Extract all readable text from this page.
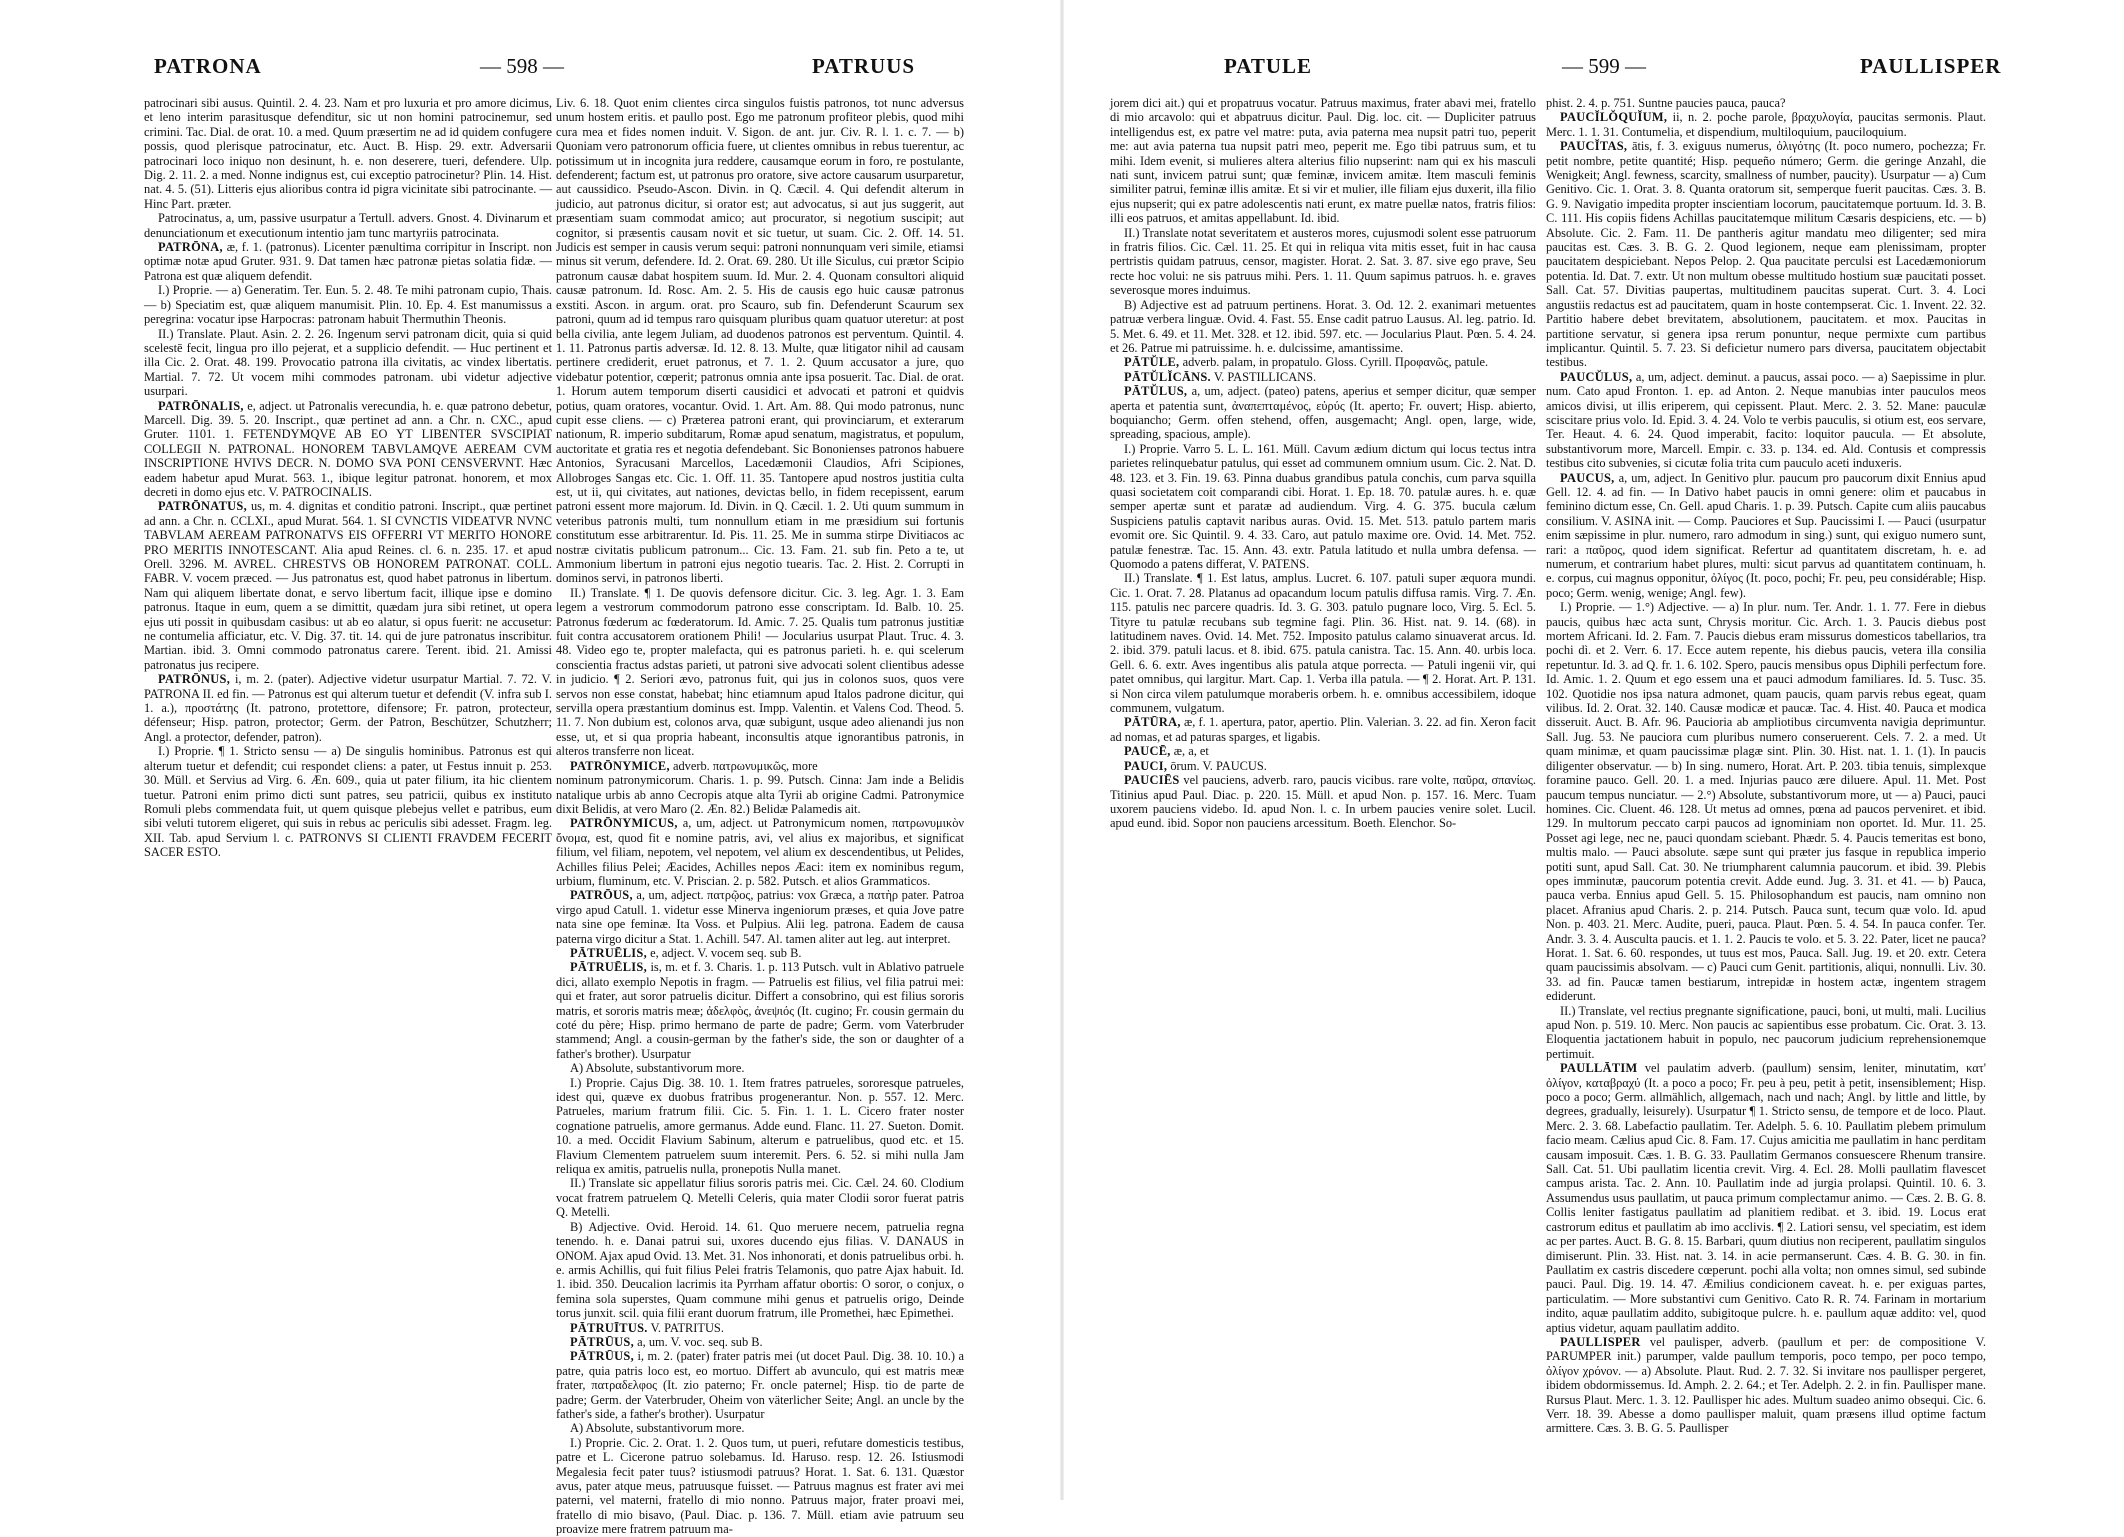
PATRONA	— 598 —	PATRUUS

patrocinari sibi ausus. Quintil. 2. 4. 23. Nam et pro luxuria et pro amore dicimus, et leno interim parasitusque defenditur, sic ut non homini patrocinemur, sed crimini. Tac. Dial. de orat. 10. a med. Quum præsertim ne ad id quidem confugere possis, quod plerisque patrocinatur, etc. Auct. B. Hisp. 29. extr. Adversarii patrocinari loco iniquo non desinunt, h. e. non deserere, tueri, defendere. Ulp. Dig. 2. 11. 2. a med. Nonne indignus est, cui exceptio patrocinetur? Plin. 14. Hist. nat. 4. 5. (51). Litteris ejus alioribus contra id pigra vicinitate sibi patrocinante. — Hinc Part. præter.

Patrocinatus, a, um, passive usurpatur a Tertull. advers. Gnost. 4. Divinarum et denunciationum et executionum intentio jam tunc martyriis patrocinata.

PATRŌNA, æ, f. 1. (patronus). Licenter pænultima corripitur in Inscript. non optimæ notæ apud Gruter. 931. 9. Dat tamen hæc patronæ pietas solatia fidæ. — Patrona est quæ aliquem defendit.

I.) Proprie. — a) Generatim. Ter. Eun. 5. 2. 48. Te mihi patronam cupio, Thais. — b) Speciatim est, quæ aliquem manumisit. Plin. 10. Ep. 4. Est manumissus a peregrina: vocatur ipse Harpocras: patronam habuit Thermuthin Theonis.

II.) Translate. Plaut. Asin. 2. 2. 26. Ingenum servi patronam dicit, quia si quid scelestē fecit, lingua pro illo pejerat, et a supplicio defendit. — Huc pertinent et illa Cic. 2. Orat. 48. 199. Provocatio patrona illa civitatis, ac vindex libertatis. Martial. 7. 72. Ut vocem mihi commodes patronam. ubi videtur adjective usurpari.

PATRŌNALIS, e, adject. ut Patronalis verecundia, h. e. quæ patrono debetur, Marcell. Dig. 39. 5. 20. Inscript., quæ pertinet ad ann. a Chr. n. CXC., apud Gruter. 1101. 1. FETENDYMQVE AB EO YT LIBENTER SVSCIPIAT COLLEGII N. PATRONAL. HONOREM TABVLAMQVE AEREAM CVM INSCRIPTIONE HVIVS DECR. N. DOMO SVA PONI CENSVERVNT. Hæc eadem habetur apud Murat. 563. 1., ibique legitur patronat. honorem, et mox decreti in domo ejus etc. V. PATROCINALIS.

PATRŌNATUS, us, m. 4. dignitas et conditio patroni. Inscript., quæ pertinet ad ann. a Chr. n. CCLXI., apud Murat. 564. 1. SI CVNCTIS VIDEATVR NVNC TABVLAM AEREAM PATRONATVS EIS OFFERRI VT MERITO HONORE PRO MERITIS INNOTESCANT. Alia apud Reines. cl. 6. n. 235. 17. et apud Orell. 3296. M. AVREL. CHRESTVS OB HONOREM PATRONAT. COLL. FABR. V. vocem præced. — Jus patronatus est, quod habet patronus in libertum. Nam qui aliquem libertate donat, e servo libertum facit, illique ipse e domino patronus. Itaque in eum, quem a se dimittit, quædam jura sibi retinet, ut opera ejus uti possit in quibusdam casibus: ut ab eo alatur, si opus fuerit: ne accusetur: ne contumelia afficiatur, etc. V. Dig. 37. tit. 14. qui de jure patronatus inscribitur. Martian. ibid. 3. Omni commodo patronatus carere. Terent. ibid. 21. Amissi patronatus jus recipere.

PATRŌNUS, i, m. 2. (pater). Adjective videtur usurpatur Martial. 7. 72. V. PATRONA II. ed fin. — Patronus est qui alterum tuetur et defendit (V. infra sub I. 1. a.), προστάτης (It. patrono, protettore, difensore; Fr. patron, protecteur, défenseur; Hisp. patron, protector; Germ. der Patron, Beschützer, Schutzherr; Angl. a protector, defender, patron).

I.) Proprie. ¶ 1. Stricto sensu — a) De singulis hominibus. Patronus est qui alterum tuetur et defendit; cui respondet cliens: a pater, ut Festus innuit p. 253. 30. Müll. et Servius ad Virg. 6. Æn. 609., quia ut pater filium, ita hic clientem tuetur. Patroni enim primo dicti sunt patres, seu patricii, quibus ex instituto Romuli plebs commendata fuit, ut quem quisque plebejus vellet e patribus, eum sibi veluti tutorem eligeret, qui suis in rebus ac periculis sibi adesset. Fragm. leg. XII. Tab. apud Servium l. c. PATRONVS SI CLIENTI FRAVDEM FECERIT SACER ESTO.

Liv. 6. 18. Quot enim clientes circa singulos fuistis patronos, tot nunc adversus unum hostem eritis. et paullo post. Ego me patronum profiteor plebis, quod mihi cura mea et fides nomen induit. V. Sigon. de ant. jur. Civ. R. l. 1. c. 7. — b) Quoniam vero patronorum officia fuere, ut clientes omnibus in rebus tuerentur, ac potissimum ut in incognita jura reddere, causamque eorum in foro, re postulante, defenderent; factum est, ut patronus pro oratore, sive actore causarum usurparetur, aut caussidico. Pseudo-Ascon. Divin. in Q. Cæcil. 4. Qui defendit alterum in judicio, aut patronus dicitur, si orator est; aut advocatus, si aut jus suggerit, aut præsentiam suam commodat amico; aut procurator, si negotium suscipit; aut cognitor, si præsentis causam novit et sic tuetur, ut suam. Cic. 2. Off. 14. 51. Judicis est semper in causis verum sequi: patroni nonnunquam veri simile, etiamsi minus sit verum, defendere. Id. 2. Orat. 69. 280. Ut ille Siculus, cui prætor Scipio patronum causæ dabat hospitem suum. Id. Mur. 2. 4. Quonam consultori aliquid causæ patronum. Id. Rosc. Am. 2. 5. His de causis ego huic causæ patronus exstiti. Ascon. in argum. orat. pro Scauro, sub fin. Defenderunt Scaurum sex patroni, quum ad id tempus raro quisquam pluribus quam quatuor uteretur: at post bella civilia, ante legem Juliam, ad duodenos patronos est perventum. Quintil. 4. 1. 11. Patronus partis adversæ. Id. 12. 8. 13. Multe, quæ litigator nihil ad causam pertinere crediderit, eruet patronus, et 7. 1. 2. Quum accusator a jure, quo videbatur potentior, cœperit; patronus omnia ante ipsa posuerit. Tac. Dial. de orat. 1. Horum autem temporum diserti causidici et advocati et patroni et quidvis potius, quam oratores, vocantur. Ovid. 1. Art. Am. 88. Qui modo patronus, nunc cupit esse cliens. — c) Præterea patroni erant, qui provinciarum, et exterarum nationum, R. imperio subditarum, Romæ apud senatum, magistratus, et populum, auctoritate et gratia res et negotia defendebant. Sic Bononienses patronos habuere Antonios, Syracusani Marcellos, Lacedæmonii Claudios, Afri Scipiones, Allobroges Sangas etc. Cic. 1. Off. 11. 35. Tantopere apud nostros justitia culta est, ut ii, qui civitates, aut nationes, devictas bello, in fidem recepissent, earum patroni essent more majorum. Id. Divin. in Q. Cæcil. 1. 2. Uti quum summum in veteribus patronis multi, tum nonnullum etiam in me præsidium sui fortunis constitutum esse arbitrarentur. Id. Pis. 11. 25. Me in summa stirpe Divitiacos ac nostræ civitatis publicum patronum... Cic. 13. Fam. 21. sub fin. Peto a te, ut Ammonium libertum in patroni ejus negotio tuearis. Tac. 2. Hist. 2. Corrupti in dominos servi, in patronos liberti.

II.) Translate. ¶ 1. De quovis defensore dicitur. Cic. 3. leg. Agr. 1. 3. Eam legem a vestrorum commodorum patrono esse conscriptam. Id. Balb. 10. 25. Patronus fœderum ac fœderatorum. Id. Amic. 7. 25. Qualis tum patronus justitiæ fuit contra accusatorem orationem Phili! — Jocularius usurpat Plaut. Truc. 4. 3. 48. Video ego te, propter malefacta, qui es patronus parieti. h. e. qui scelerum conscientia fractus adstas parieti, ut patroni sive advocati solent clientibus adesse in judicio. ¶ 2. Seriori ævo, patronus fuit, qui jus in colonos suos, quos vere servos non esse constat, habebat; hinc etiamnum apud Italos padrone dicitur, qui servilla opera præstantium dominus est. Impp. Valentin. et Valens Cod. Theod. 5. 11. 7. Non dubium est, colonos arva, quæ subigunt, usque adeo alienandi jus non esse, ut, et si qua propria habeant, inconsultis atque ignorantibus patronis, in alteros transferre non liceat.

PATRŌNYMICE, adverb. πατρωνυμικῶς, more

nominum patronymicorum. Charis. 1. p. 99. Putsch. Cinna: Jam inde a Belidis natalique urbis ab anno Cecropis atque alta Tyrii ab origine Cadmi. Patronymice dixit Belidis, at vero Maro (2. Æn. 82.) Belidæ Palamedis ait.

PATRŌNYMICUS, a, um, adject. ut Patronymicum nomen, πατρωνυμικὸν ὄνομα, est, quod fit e nomine patris, avi, vel alius ex majoribus, et significat filium, vel filiam, nepotem, vel nepotem, vel alium ex descendentibus, ut Pelides, Achilles filius Pelei; Æacides, Achilles nepos Æaci: item ex nominibus regum, urbium, fluminum, etc. V. Priscian. 2. p. 582. Putsch. et alios Grammaticos.

PATRŌUS, a, um, adject. πατρῷος, patrius: vox Græca, a πατὴρ pater. Patroa virgo apud Catull. 1. videtur esse Minerva ingeniorum præses, et quia Jove patre nata sine ope feminæ. Ita Voss. et Pulpius. Alii leg. patrona. Eadem de causa paterna virgo dicitur a Stat. 1. Achill. 547. Al. tamen aliter aut leg. aut interpret.

PĀTRUĒLIS, e, adject. V. vocem seq. sub B.

PĀTRUĒLIS, is, m. et f. 3. Charis. 1. p. 113 Putsch. vult in Ablativo patruele dici, allato exemplo Nepotis in fragm. — Patruelis est filius, vel filia patrui mei: qui et frater, aut soror patruelis dicitur. Differt a consobrino, qui est filius sororis matris, et sororis matris meæ; ἀδελφὸς, ἀνεψιός (It. cugino; Fr. cousin germain du coté du père; Hisp. primo hermano de parte de padre; Germ. vom Vaterbruder stammend; Angl. a cousin-german by the father's side, the son or daughter of a father's brother). Usurpatur

A) Absolute, substantivorum more.

I.) Proprie. Cajus Dig. 38. 10. 1. Item fratres patrueles, sororesque patrueles, idest qui, quæve ex duobus fratribus progenerantur. Non. p. 557. 12. Merc. Patrueles, marium fratrum filii. Cic. 5. Fin. 1. 1. L. Cicero frater noster cognatione patruelis, amore germanus. Adde eund. Flanc. 11. 27. Sueton. Domit. 10. a med. Occidit Flavium Sabinum, alterum e patruelibus, quod etc. et 15. Flavium Clementem patruelem suum interemit. Pers. 6. 52. si mihi nulla Jam reliqua ex amitis, patruelis nulla, pronepotis Nulla manet.

II.) Translate sic appellatur filius sororis patris mei. Cic. Cæl. 24. 60. Clodium vocat fratrem patruelem Q. Metelli Celeris, quia mater Clodii soror fuerat patris Q. Metelli.

B) Adjective. Ovid. Heroid. 14. 61. Quo meruere necem, patruelia regna tenendo. h. e. Danai patrui sui, uxores ducendo ejus filias. V. DANAUS in ONOM. Ajax apud Ovid. 13. Met. 31. Nos inhonorati, et donis patruelibus orbi. h. e. armis Achillis, qui fuit filius Pelei fratris Telamonis, quo patre Ajax habuit. Id. 1. ibid. 350. Deucalion lacrimis ita Pyrrham affatur obortis: O soror, o conjux, o femina sola superstes, Quam commune mihi genus et patruelis origo, Deinde torus junxit. scil. quia filii erant duorum fratrum, ille Promethei, hæc Epimethei.

PĀTRUĪTUS. V. PATRITUS.

PĀTRŪUS, a, um. V. voc. seq. sub B.

PĀTRŪUS, i, m. 2. (pater) frater patris mei (ut docet Paul. Dig. 38. 10. 10.) a patre, quia patris loco est, eo mortuo. Differt ab avunculo, qui est matris meæ frater, πατραδελφος (It. zio paterno; Fr. oncle paternel; Hisp. tio de parte de padre; Germ. der Vaterbruder, Oheim von väterlicher Seite; Angl. an uncle by the father's side, a father's brother). Usurpatur

A) Absolute, substantivorum more.

I.) Proprie. Cic. 2. Orat. 1. 2. Quos tum, ut pueri, refutare domesticis testibus, patre et L. Cicerone patruo solebamus. Id. Haruso. resp. 12. 26. Istiusmodi Megalesia fecit pater tuus? istiusmodi patruus? Horat. 1. Sat. 6. 131. Quæstor avus, pater atque meus, patruusque fuisset. — Patruus magnus est frater avi mei paterni, vel materni, fratello di mio nonno. Patruus major, frater proavi mei, fratello di mio bisavo, (Paul. Diac. p. 136. 7. Müll. etiam avie patruum seu proavize mere fratrem patruum ma-

PATULE	— 599 —	PAULLISPER

jorem dici ait.) qui et propatruus vocatur. Patruus maximus, frater abavi mei, fratello di mio arcavolo: qui et abpatruus dicitur. Paul. Dig. loc. cit. — Dupliciter patruus intelligendus est, ex patre vel matre: puta, avia paterna mea nupsit patri tuo, peperit me: aut avia paterna tua nupsit patri meo, peperit me. Ego tibi patruus sum, et tu mihi. Idem evenit, si mulieres altera alterius filio nupserint: nam qui ex his masculi nati sunt, invicem patrui sunt; quæ feminæ, invicem amitæ. Item masculi feminis similiter patrui, feminæ illis amitæ. Et si vir et mulier, ille filiam ejus duxerit, illa filio ejus nupserit; qui ex patre adolescentis nati erunt, ex matre puellæ natos, fratris filios: illi eos patruos, et amitas appellabunt. Id. ibid.

II.) Translate notat severitatem et austeros mores, cujusmodi solent esse patruorum in fratris filios. Cic. Cæl. 11. 25. Et qui in reliqua vita mitis esset, fuit in hac causa pertristis quidam patruus, censor, magister. Horat. 2. Sat. 3. 87. sive ego prave, Seu recte hoc volui: ne sis patruus mihi. Pers. 1. 11. Quum sapimus patruos. h. e. graves severosque mores induimus.

B) Adjective est ad patruum pertinens. Horat. 3. Od. 12. 2. exanimari metuentes patruæ verbera linguæ. Ovid. 4. Fast. 55. Ense cadit patruo Lausus. Al. leg. patrio. Id. 5. Met. 6. 49. et 11. Met. 328. et 12. ibid. 597. etc. — Jocularius Plaut. Pœn. 5. 4. 24. et 26. Patrue mi patruissime. h. e. dulcissime, amantissime.

PĀTŬLE, adverb. palam, in propatulo. Gloss. Cyrill. Προφανῶς, patule.

PĀTŬLĬCĀNS. V. PASTILLICANS.

PĀTŬLUS, a, um, adject. (pateo) patens, aperius et semper dicitur, quæ semper aperta et patentia sunt, ἀναπεπταμένος, εὐρύς (It. aperto; Fr. ouvert; Hisp. abierto, boquiancho; Germ. offen stehend, offen, ausgemacht; Angl. open, large, wide, spreading, spacious, ample).

I.) Proprie. Varro 5. L. L. 161. Müll. Cavum ædium dictum qui locus tectus intra parietes relinquebatur patulus, qui esset ad communem omnium usum. Cic. 2. Nat. D. 48. 123. et 3. Fin. 19. 63. Pinna duabus grandibus patula conchis, cum parva squilla quasi societatem coit comparandi cibi. Horat. 1. Ep. 18. 70. patulæ aures. h. e. quæ semper apertæ sunt et paratæ ad audiendum. Virg. 4. G. 375. bucula cælum Suspiciens patulis captavit naribus auras. Ovid. 15. Met. 513. patulo partem maris evomit ore. Sic Quintil. 9. 4. 33. Caro, aut patulo maxime ore. Ovid. 14. Met. 752. patulæ fenestræ. Tac. 15. Ann. 43. extr. Patula latitudo et nulla umbra defensa. — Quomodo a patens differat, V. PATENS.

II.) Translate. ¶ 1. Est latus, amplus. Lucret. 6. 107. patuli super æquora mundi. Cic. 1. Orat. 7. 28. Platanus ad opacandum locum patulis diffusa ramis. Virg. 7. Æn. 115. patulis nec parcere quadris. Id. 3. G. 303. patulo pugnare loco, Virg. 5. Ecl. 5. Tityre tu patulæ recubans sub tegmine fagi. Plin. 36. Hist. nat. 9. 14. (68). in latitudinem naves. Ovid. 14. Met. 752. Imposito patulus calamo sinuaverat arcus. Id. 2. ibid. 379. patuli lacus. et 8. ibid. 675. patula canistra. Tac. 15. Ann. 40. urbis loca. Gell. 6. 6. extr. Aves ingentibus alis patula atque porrecta. — Patuli ingenii vir, qui patet omnibus, qui largitur. Mart. Cap. 1. Verba illa patula. — ¶ 2. Horat. Art. P. 131. si Non circa vilem patulumque moraberis orbem. h. e. omnibus accessibilem, idoque communem, vulgatum.

PĀTŪRA, æ, f. 1. apertura, pator, apertio. Plin. Valerian. 3. 22. ad fin. Xeron facit ad nomas, et ad paturas sparges, et ligabis.

PAUCĒ, æ, a, et

PAUCI, ōrum. V. PAUCUS.

PAUCIĒS vel pauciens, adverb. raro, paucis vicibus. rare volte, παῦρα, σπανίως. Titinius apud Paul. Diac. p. 220. 15. Müll. et apud Non. p. 157. 16. Merc. Tuam uxorem pauciens videbo. Id. apud Non. l. c. In urbem paucies venire solet. Lucil. apud eund. ibid. Sopor non pauciens arcessitum. Boeth. Elenchor. So-

phist. 2. 4. p. 751. Suntne paucies pauca, pauca?

PAUCĬLŎQUĬUM, ii, n. 2. poche parole, βραχυλογία, paucitas sermonis. Plaut. Merc. 1. 1. 31. Contumelia, et dispendium, multiloquium, pauciloquium.

PAUCĬTAS, ātis, f. 3. exiguus numerus, ὀλιγότης (It. poco numero, pochezza; Fr. petit nombre, petite quantité; Hisp. pequeño número; Germ. die geringe Anzahl, die Wenigkeit; Angl. fewness, scarcity, smallness of number, paucity). Usurpatur — a) Cum Genitivo. Cic. 1. Orat. 3. 8. Quanta oratorum sit, semperque fuerit paucitas. Cæs. 3. B. G. 9. Navigatio impedita propter inscientiam locorum, paucitatemque portuum. Id. 3. B. C. 111. His copiis fidens Achillas paucitatemque militum Cæsaris despiciens, etc. — b) Absolute. Cic. 2. Fam. 11. De pantheris agitur mandatu meo diligenter; sed mira paucitas est. Cæs. 3. B. G. 2. Quod legionem, neque eam plenissimam, propter paucitatem despiciebant. Nepos Pelop. 2. Qua paucitate perculsi est Lacedæmoniorum potentia. Id. Dat. 7. extr. Ut non multum obesse multitudo hostium suæ paucitati posset. Sall. Cat. 57. Divitias paupertas, multitudinem paucitas superat. Curt. 3. 4. Loci angustiis redactus est ad paucitatem, quam in hoste contempserat. Cic. 1. Invent. 22. 32. Partitio habere debet brevitatem, absolutionem, paucitatem. et mox. Paucitas in partitione servatur, si genera ipsa rerum ponuntur, neque permixte cum partibus implicantur. Quintil. 5. 7. 23. Si deficietur numero pars diversa, paucitatem objectabit testibus.

PAUCŬLUS, a, um, adject. deminut. a paucus, assai poco. — a) Saepissime in plur. num. Cato apud Fronton. 1. ep. ad Anton. 2. Neque manubias inter pauculos meos amicos divisi, ut illis eriperem, qui cepissent. Plaut. Merc. 2. 3. 52. Mane: pauculæ sciscitare prius volo. Id. Epid. 3. 4. 24. Volo te verbis pauculis, si otium est, eos servare, Ter. Heaut. 4. 6. 24. Quod imperabit, facito: loquitor paucula. — Et absolute, substantivorum more, Marcell. Empir. c. 33. p. 134. ed. Ald. Contusis et compressis testibus cito subvenies, si cicutæ folia trita cum pauculo aceti induxeris.

PAUCUS, a, um, adject. In Genitivo plur. paucum pro paucorum dixit Ennius apud Gell. 12. 4. ad fin. — In Dativo habet paucis in omni genere: olim et paucabus in feminino dictum esse, Cn. Gell. apud Charis. 1. p. 39. Putsch. Capite cum aliis paucabus consilium. V. ASINA init. — Comp. Pauciores et Sup. Paucissimi I. — Pauci (usurpatur enim sæpissime in plur. numero, raro admodum in sing.) sunt, qui exiguo numero sunt, rari: a παῦρος, quod idem significat. Refertur ad quantitatem discretam, h. e. ad numerum, et contrarium habet plures, multi: sicut parvus ad quantitatem continuam, h. e. corpus, cui magnus opponitur, ὀλίγος (It. poco, pochi; Fr. peu, peu considérable; Hisp. poco; Germ. wenig, wenige; Angl. few).

I.) Proprie. — 1.°) Adjective. — a) In plur. num. Ter. Andr. 1. 1. 77. Fere in diebus paucis, quibus hæc acta sunt, Chrysis moritur. Cic. Arch. 1. 3. Paucis diebus post mortem Africani. Id. 2. Fam. 7. Paucis diebus eram missurus domesticos tabellarios, tra pochi dì. et 2. Verr. 6. 17. Ecce autem repente, his diebus paucis, vetera illa consilia repetuntur. Id. 3. ad Q. fr. 1. 6. 102. Spero, paucis mensibus opus Diphili perfectum fore. Id. Amic. 1. 2. Quum et ego essem una et pauci admodum familiares. Id. 5. Tusc. 35. 102. Quotidie nos ipsa natura admonet, quam paucis, quam parvis rebus egeat, quam vilibus. Id. 2. Orat. 32. 140. Causæ modicæ et paucæ. Tac. 4. Hist. 40. Pauca et modica disseruit. Auct. B. Afr. 96. Paucioria ab ampliotibus circumventa navigia deprimuntur. Sall. Jug. 53. Ne pauciora cum pluribus numero conseruerent. Cels. 7. 2. a med. Ut quam minimæ, et quam paucissimæ plagæ sint. Plin. 30. Hist. nat. 1. 1. (1). In paucis diligenter observatur. — b) In sing. numero, Horat. Art. P. 203. tibia tenuis, simplexque foramine pauco. Gell. 20. 1. a med. Injurias pauco ære diluere. Apul. 11. Met. Post paucum tempus nunciatur. — 2.°) Absolute, substantivorum more, ut — a) Pauci, pauci homines. Cic. Cluent. 46. 128. Ut metus ad omnes, pœna ad paucos perveniret. et ibid. 129. In multorum peccato carpi paucos ad ignominiam non oportet. Id. Mur. 11. 25. Posset agi lege, nec ne, pauci quondam sciebant. Phædr. 5. 4. Paucis temeritas est bono, multis malo. — Pauci absolute. sæpe sunt qui præter jus fasque in republica imperio potiti sunt, apud Sall. Cat. 30. Ne triumpharent calumnia paucorum. et ibid. 39. Plebis opes imminutæ, paucorum potentia crevit. Adde eund. Jug. 3. 31. et 41. — b) Pauca, pauca verba. Ennius apud Gell. 5. 15. Philosophandum est paucis, nam omnino non placet. Afranius apud Charis. 2. p. 214. Putsch. Pauca sunt, tecum quæ volo. Id. apud Non. p. 403. 21. Merc. Audite, pueri, pauca. Plaut. Pœn. 5. 4. 54. In pauca confer. Ter. Andr. 3. 3. 4. Ausculta paucis. et 1. 1. 2. Paucis te volo. et 5. 3. 22. Pater, licet ne pauca? Horat. 1. Sat. 6. 60. respondes, ut tuus est mos, Pauca. Sall. Jug. 19. et 20. extr. Cetera quam paucissimis absolvam. — c) Pauci cum Genit. partitionis, aliqui, nonnulli. Liv. 30. 33. ad fin. Paucæ tamen bestiarum, intrepidæ in hostem actæ, ingentem stragem ediderunt.

II.) Translate, vel rectius pregnante significatione, pauci, boni, ut multi, mali. Lucilius apud Non. p. 519. 10. Merc. Non paucis ac sapientibus esse probatum. Cic. Orat. 3. 13. Eloquentia jactationem habuit in populo, nec paucorum judicium reprehensionemque pertimuit.

PAULLĀTIM vel paulatim adverb. (paullum) sensim, leniter, minutatim, κατ' ὀλίγον, καταβραχύ (It. a poco a poco; Fr. peu à peu, petit à petit, insensiblement; Hisp. poco a poco; Germ. allmählich, allgemach, nach und nach; Angl. by little and little, by degrees, gradually, leisurely). Usurpatur ¶ 1. Stricto sensu, de tempore et de loco. Plaut. Merc. 2. 3. 68. Labefactio paullatim. Ter. Adelph. 5. 6. 10. Paullatim plebem primulum facio meam. Cælius apud Cic. 8. Fam. 17. Cujus amicitia me paullatim in hanc perditam causam imposuit. Cæs. 1. B. G. 33. Paullatim Germanos consuescere Rhenum transire. Sall. Cat. 51. Ubi paullatim licentia crevit. Virg. 4. Ecl. 28. Molli paullatim flavescet campus arista. Tac. 2. Ann. 10. Paullatim inde ad jurgia prolapsi. Quintil. 10. 6. 3. Assumendus usus paullatim, ut pauca primum complectamur animo. — Cæs. 2. B. G. 8. Collis leniter fastigatus paullatim ad planitiem redibat. et 3. ibid. 19. Locus erat castrorum editus et paullatim ab imo acclivis. ¶ 2. Latiori sensu, vel speciatim, est idem ac per partes. Auct. B. G. 8. 15. Barbari, quum diutius non reciperent, paullatim singulos dimiserunt. Plin. 33. Hist. nat. 3. 14. in acie permanserunt. Cæs. 4. B. G. 30. in fin. Paullatim ex castris discedere cœperunt. pochi alla volta; non omnes simul, sed subinde pauci. Paul. Dig. 19. 14. 47. Æmilius condicionem caveat. h. e. per exiguas partes, particulatim. — More substantivi cum Genitivo. Cato R. R. 74. Farinam in mortarium indito, aquæ paullatim addito, subigitoque pulcre. h. e. paullum aquæ addito: vel, quod aptius videtur, aquam paullatim addito.

PAULLISPER vel paulisper, adverb. (paullum et per: de compositione V. PARUMPER init.) parumper, valde paullum temporis, poco tempo, per poco tempo, ὀλίγον χρόνον. — a) Absolute. Plaut. Rud. 2. 7. 32. Si invitare nos paullisper pergeret, ibidem obdormissemus. Id. Amph. 2. 2. 64.; et Ter. Adelph. 2. 2. in fin. Paullisper mane. Rursus Plaut. Merc. 1. 3. 12. Paullisper hic ades. Multum suadeo animo obsequi. Cic. 6. Verr. 18. 39. Abesse a domo paullisper maluit, quam præsens illud optime factum armittere. Cæs. 3. B. G. 5. Paullisper
